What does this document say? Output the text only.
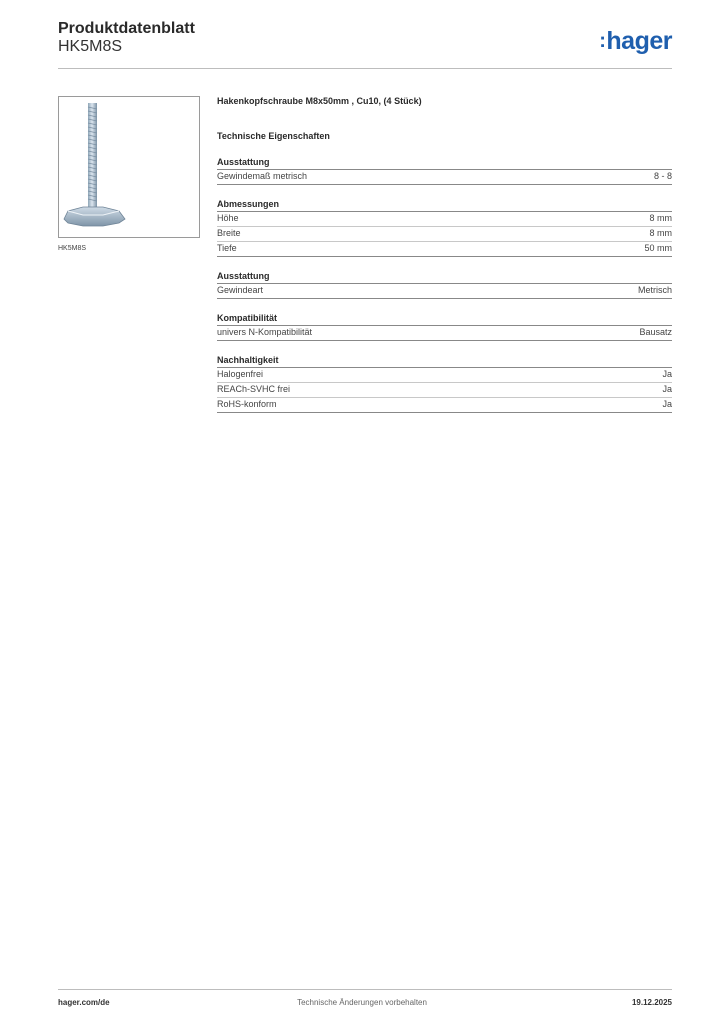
Produktdatenblatt
HK5M8S	:hager
HK5M8S
Hakenkopfschraube M8x50mm , Cu10, (4 Stück)
Technische Eigenschaften
Ausstattung
Gewindemaß metrisch	8 - 8
Abmessungen
Höhe	8 mm
Breite	8 mm
Tiefe	50 mm
Ausstattung
Gewindeart	Metrisch
Kompatibilität
univers N-Kompatibilität	Bausatz
Nachhaltigkeit
Halogenfrei	Ja
REACh-SVHC frei	Ja
RoHS-konform	Ja
hager.com/de	Technische Änderungen vorbehalten	19.12.2025
